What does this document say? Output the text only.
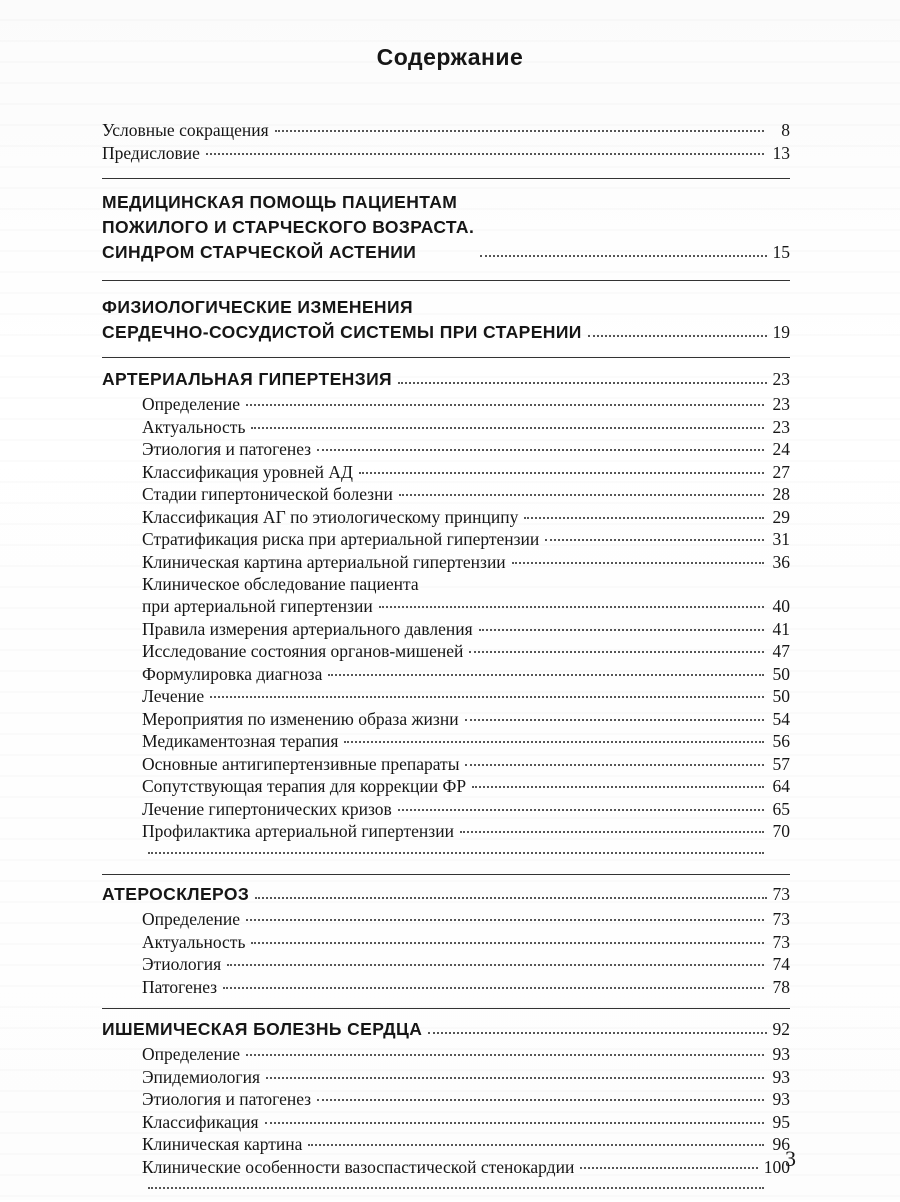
Содержание
Условные сокращения	8
Предисловие	13
МЕДИЦИНСКАЯ ПОМОЩЬ ПАЦИЕНТАМ
ПОЖИЛОГО И СТАРЧЕСКОГО ВОЗРАСТА.
СИНДРОМ СТАРЧЕСКОЙ АСТЕНИИ	15
ФИЗИОЛОГИЧЕСКИЕ ИЗМЕНЕНИЯ
СЕРДЕЧНО-СОСУДИСТОЙ СИСТЕМЫ ПРИ СТАРЕНИИ	19
АРТЕРИАЛЬНАЯ ГИПЕРТЕНЗИЯ	23
Определение	23
Актуальность	23
Этиология и патогенез	24
Классификация уровней АД	27
Стадии гипертонической болезни	28
Классификация АГ по этиологическому принципу	29
Стратификация риска при артериальной гипертензии	31
Клиническая картина артериальной гипертензии	36
Клиническое обследование пациента
при артериальной гипертензии	40
Правила измерения артериального давления	41
Исследование состояния органов-мишеней	47
Формулировка диагноза	50
Лечение	50
Мероприятия по изменению образа жизни	54
Медикаментозная терапия	56
Основные антигипертензивные препараты	57
Сопутствующая терапия для коррекции ФР	64
Лечение гипертонических кризов	65
Профилактика артериальной гипертензии	70
АТЕРОСКЛЕРОЗ	73
Определение	73
Актуальность	73
Этиология	74
Патогенез	78
ИШЕМИЧЕСКАЯ БОЛЕЗНЬ СЕРДЦА	92
Определение	93
Эпидемиология	93
Этиология и патогенез	93
Классификация	95
Клиническая картина	96
Клинические особенности вазоспастической стенокардии	100
3
